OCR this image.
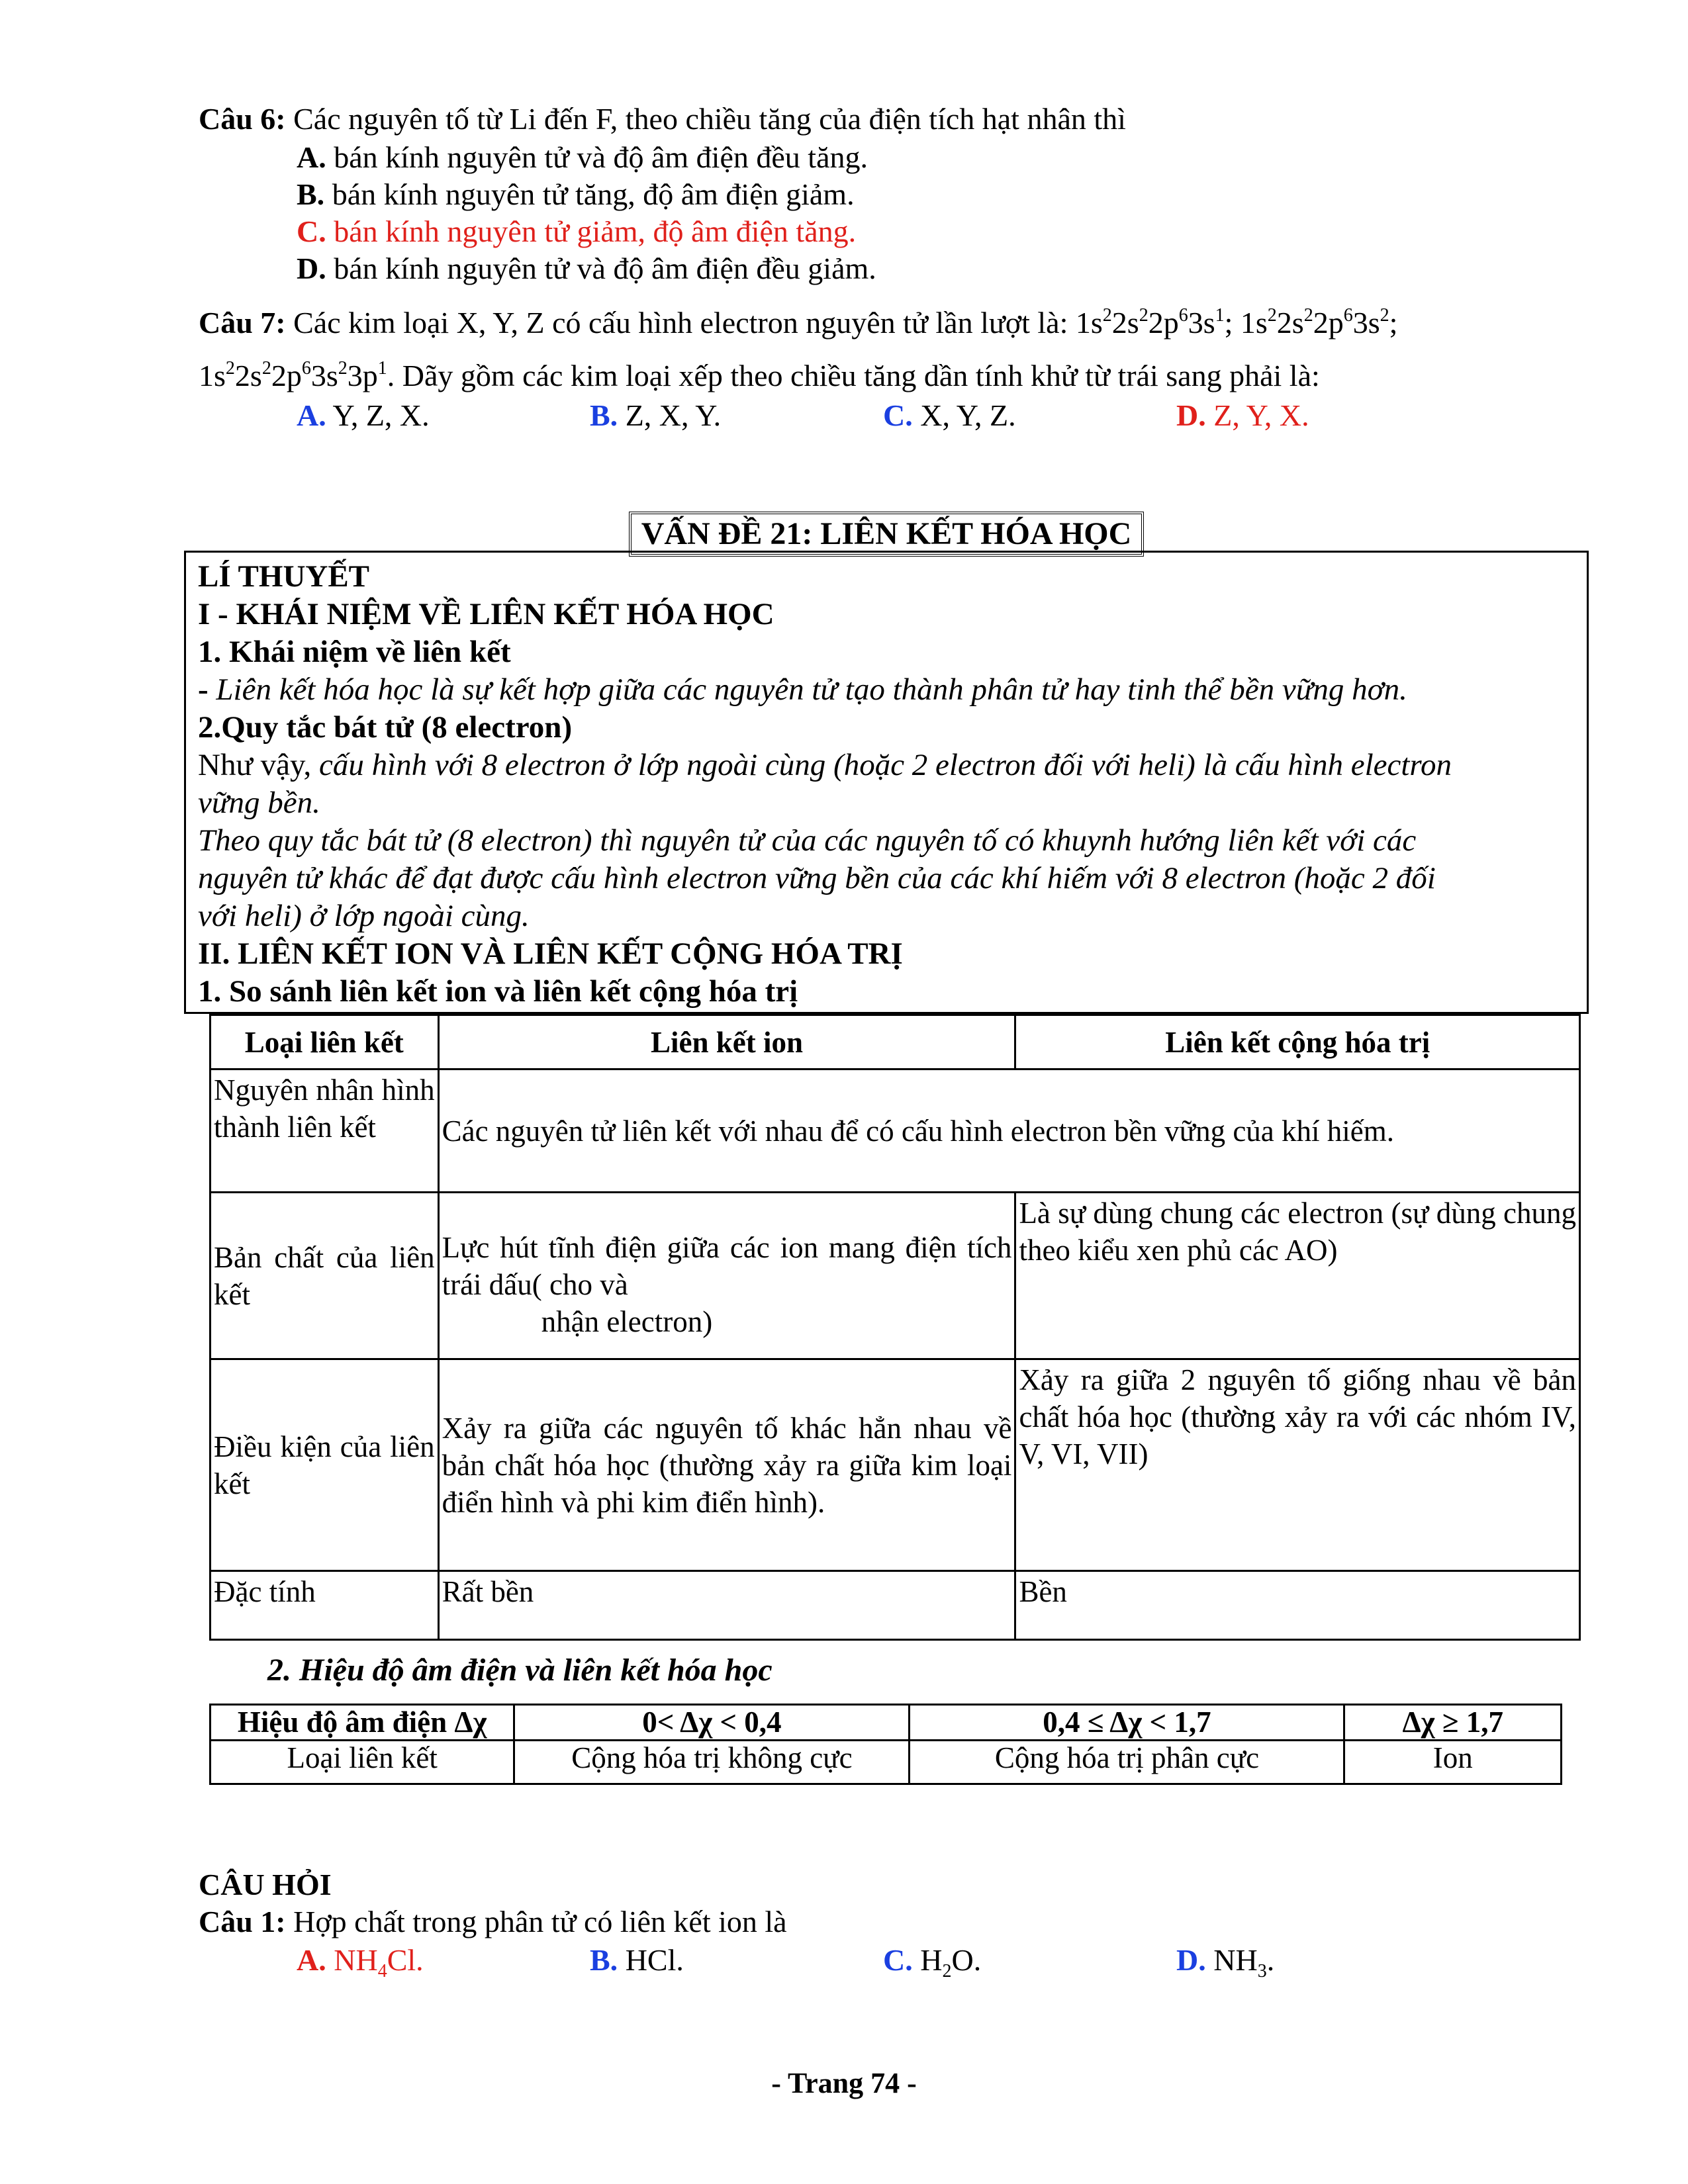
Câu 6: Các nguyên tố từ Li đến F, theo chiều tăng của điện tích hạt nhân thì
A. bán kính nguyên tử và độ âm điện đều tăng.
B. bán kính nguyên tử tăng, độ âm điện giảm.
C. bán kính nguyên tử giảm, độ âm điện tăng.
D. bán kính nguyên tử và độ âm điện đều giảm.
Câu 7: Các kim loại X, Y, Z có cấu hình electron nguyên tử lần lượt là: $1s^22s^22p^63s^1$; $1s^22s^22p^63s^2$;
$1s^22s^22p^63s^23p^1$. Dãy gồm các kim loại xếp theo chiều tăng dần tính khử từ trái sang phải là:
A. Y, Z, X.	B. Z, X, Y.	C. X, Y, Z.	D. Z, Y, X.
VẤN ĐỀ 21: LIÊN KẾT HÓA HỌC
LÍ THUYẾT
I - KHÁI NIỆM VỀ LIÊN KẾT HÓA HỌC
1. Khái niệm về liên kết
- Liên kết hóa học là sự kết hợp giữa các nguyên tử tạo thành phân tử hay tinh thể bền vững hơn.
2.Quy tắc bát tử (8 electron)
Như vậy, cấu hình với 8 electron ở lớp ngoài cùng (hoặc 2 electron đối với heli) là cấu hình electron
vững bền.
Theo quy tắc bát tử (8 electron) thì nguyên tử của các nguyên tố có khuynh hướng liên kết với các
nguyên tử khác để đạt được cấu hình electron vững bền của các khí hiếm với 8 electron (hoặc 2 đối
với heli) ở lớp ngoài cùng.
II. LIÊN KẾT ION VÀ LIÊN KẾT CỘNG HÓA TRỊ
1. So sánh liên kết ion và liên kết cộng hóa trị
Loại liên kết	Liên kết ion	Liên kết cộng hóa trị
Nguyên nhân hình thành liên kết	Các nguyên tử liên kết với nhau để có cấu hình electron bền vững của khí hiếm.	
Bản chất của liên kết	Lực hút tĩnh điện giữa các ion mang điện tích trái dấu( cho và
nhận electron)	Là sự dùng chung các electron (sự dùng chung theo kiểu xen phủ các AO)
Điều kiện của liên kết	Xảy ra giữa các nguyên tố khác hẳn nhau về bản chất hóa học (thường xảy ra giữa kim loại điển hình và phi kim điển hình).	Xảy ra giữa 2 nguyên tố giống nhau về bản chất hóa học (thường xảy ra với các nhóm IV, V, VI, VII)
Đặc tính	Rất bền	Bền
2. Hiệu độ âm điện và liên kết hóa học
Hiệu độ âm điện Δχ	0< Δχ < 0,4	0,4 ≤ Δχ < 1,7	Δχ ≥ 1,7
Loại liên kết	Cộng hóa trị không cực	Cộng hóa trị phân cực	Ion
CÂU HỎI
Câu 1: Hợp chất trong phân tử có liên kết ion là
A. $NH_4Cl$.	B. HCl.	C. $H_2O$.	D. $NH_3$.
- Trang 74 -
